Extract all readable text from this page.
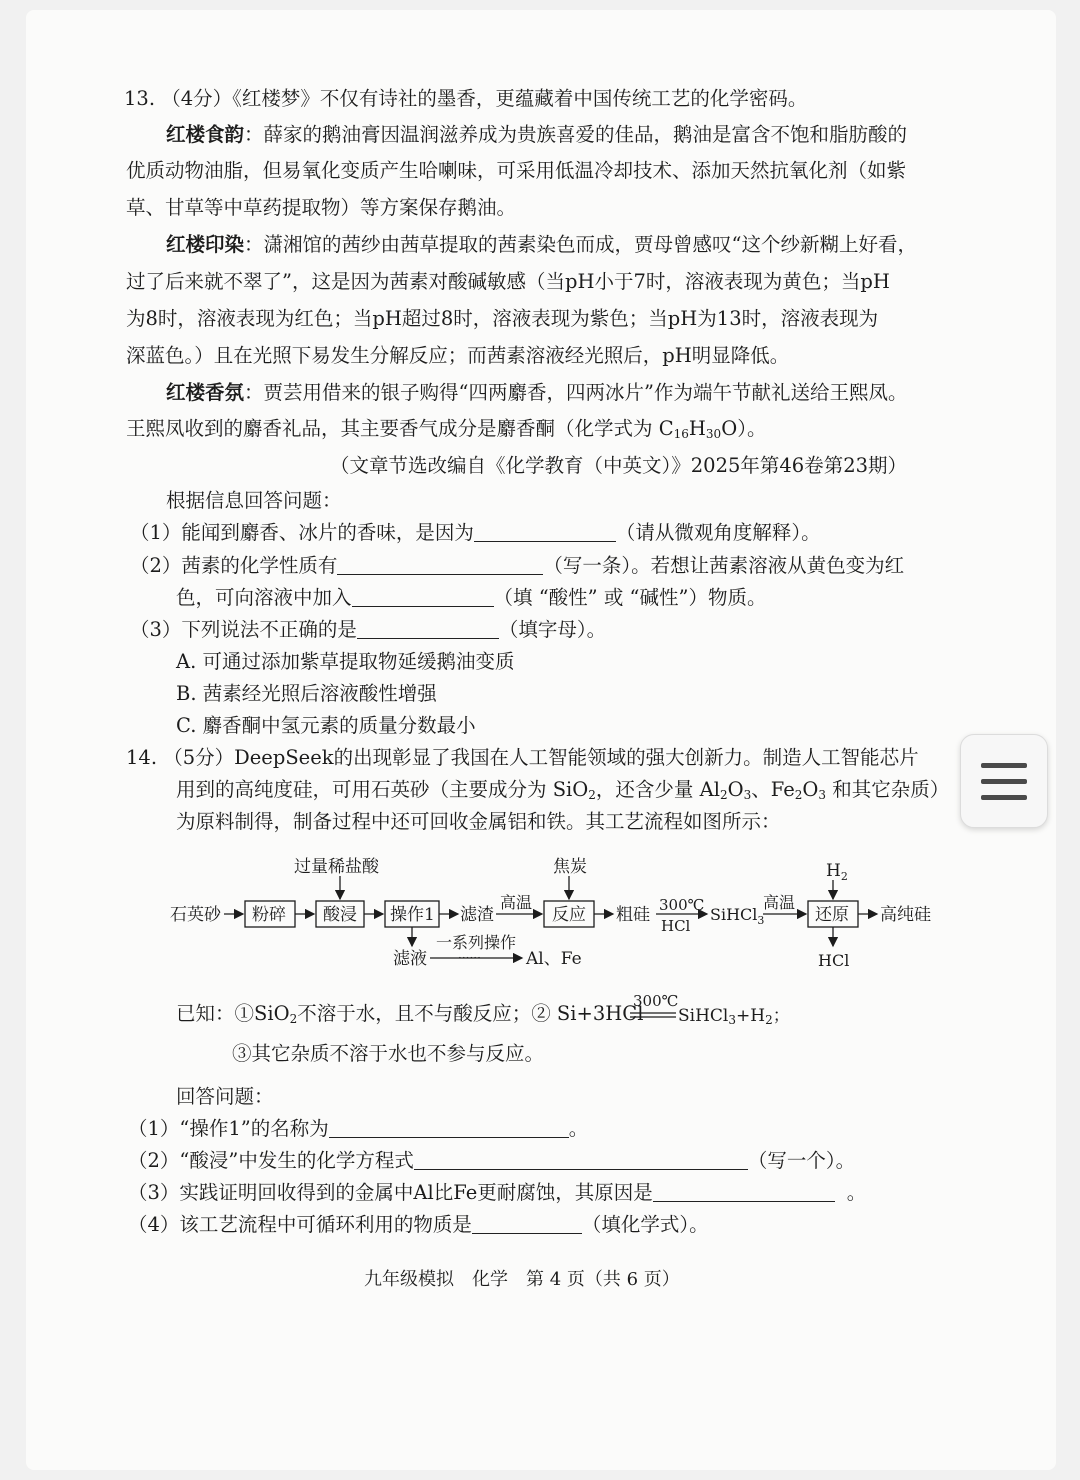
13. （4分）《红楼梦》不仅有诗社的墨香，更蕴藏着中国传统工艺的化学密码。
红楼食韵：薛家的鹅油膏因温润滋养成为贵族喜爱的佳品，鹅油是富含不饱和脂肪酸的
优质动物油脂，但易氧化变质产生哈喇味，可采用低温冷却技术、添加天然抗氧化剂（如紫
草、甘草等中草药提取物）等方案保存鹅油。
红楼印染：潇湘馆的茜纱由茜草提取的茜素染色而成，贾母曾感叹“这个纱新糊上好看，
过了后来就不翠了”，这是因为茜素对酸碱敏感（当pH小于7时，溶液表现为黄色；当pH
为8时，溶液表现为红色；当pH超过8时，溶液表现为紫色；当pH为13时，溶液表现为
深蓝色。）且在光照下易发生分解反应；而茜素溶液经光照后，pH明显降低。
红楼香氛：贾芸用借来的银子购得“四两麝香，四两冰片”作为端午节献礼送给王熙凤。
王熙凤收到的麝香礼品，其主要香气成分是麝香酮（化学式为 $C_{16}H_{30}O$）。
（文章节选改编自《化学教育（中英文）》2025年第46卷第23期）
根据信息回答问题：
（1）能闻到麝香、冰片的香味，是因为	（请从微观角度解释）。
（2）茜素的化学性质有	（写一条）。若想让茜素溶液从黄色变为红
色，可向溶液中加入	（填 “酸性” 或 “碱性”）物质。
（3）下列说法不正确的是	（填字母）。
A. 可通过添加紫草提取物延缓鹅油变质
B. 茜素经光照后溶液酸性增强
C. 麝香酮中氢元素的质量分数最小
14. （5分）DeepSeek的出现彰显了我国在人工智能领域的强大创新力。制造人工智能芯片
用到的高纯度硅，可用石英砂（主要成分为 SiO$_2$，还含少量 $Al_2O_3$、$Fe_2O_3$ 和其它杂质）
为原料制得，制备过程中还可回收金属铝和铁。其工艺流程如图所示：
过量稀盐酸	焦炭	$H_2$
石英砂 粉碎 酸浸 操作1 滤渣
高温
反应 粗硅 300℃
HCl
SiHCl$_3$
高温
还原 高纯硅
滤液
一系列操作
······	Al、Fe	HCl
300℃
已知：①SiO$_2$不溶于水，且不与酸反应；② Si+3HCl $SiHCl_3+H_2$；
③其它杂质不溶于水也不参与反应。
回答问题：
（1）“操作1”的名称为	。
（2）“酸浸”中发生的化学方程式	（写一个）。
（3）实践证明回收得到的金属中Al比Fe更耐腐蚀，其原因是	。
（4）该工艺流程中可循环利用的物质是	（填化学式）。
九年级模拟　化学　第 4 页（共 6 页）
